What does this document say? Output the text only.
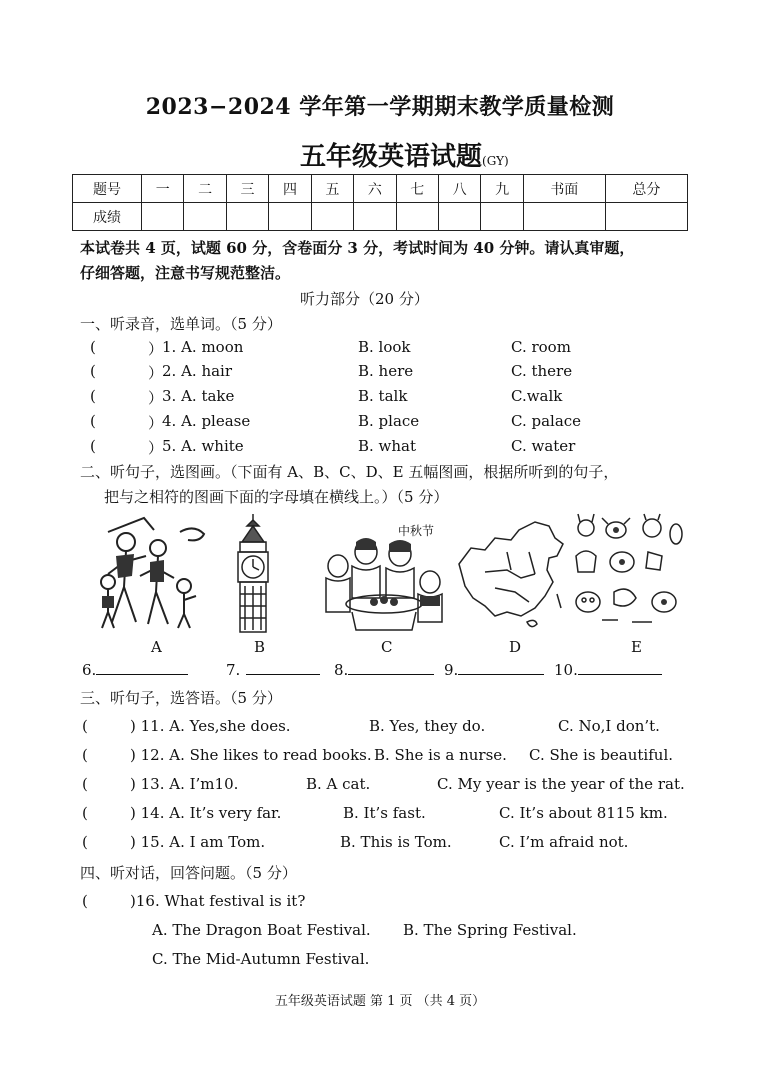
2023−2024 学年第一学期期末教学质量检测
五年级英语试题(GY)
题号	一	二	三	四	五	六	七	八	九	书面	总分
成绩											
本试卷共 4 页，试题 60 分，含卷面分 3 分，考试时间为 40 分钟。请认真审题，
仔细答题，注意书写规范整洁。
听力部分（20 分）
一、听录音，选单词。（5 分）
(	）
1. A. moon	B. look	C. room
(	）
2. A. hair	B. here	C. there
(	）
3. A. take	B. talk	C.walk
(	）
4. A. please	B. place	C. palace
(	）
5. A. white	B. what	C. water
二、听句子，选图画。（下面有 A、B、C、D、E 五幅图画，根据所听到的句子，
把与之相符的图画下面的字母填在横线上。）（5 分）
A	B
中秋节
C	D	E
6.	7.	8.	9.	10.
三、听句子，选答语。（5 分）
(	) 11. A. Yes,she does.	B. Yes, they do.	C. No,I don’t.
(	) 12. A. She likes to read books. B. She is a nurse. C. She is beautiful.
(	) 13. A. I’m10.	B. A cat.	C. My year is the year of the rat.
(	) 14. A. It’s very far.	B. It’s fast.	C. It’s about 8115 km.
(	) 15. A. I am Tom.	B. This is Tom.	C. I’m afraid not.
四、听对话，回答问题。（5 分）
(	)16. What festival is it?
A. The Dragon Boat Festival. B. The Spring Festival.
C. The Mid-Autumn Festival.
五年级英语试题 第 1 页 （共 4 页）
